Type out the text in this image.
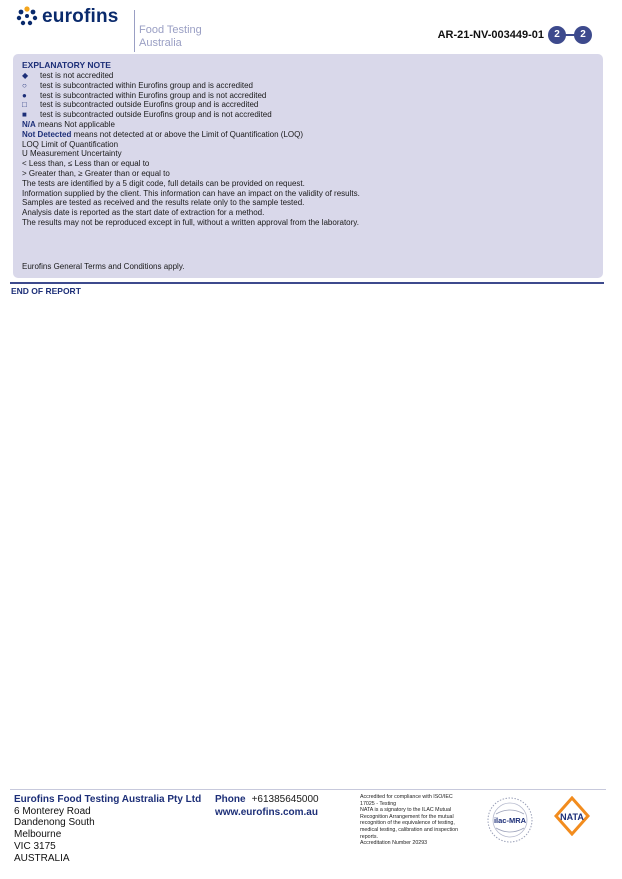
eurofins
Food Testing
Australia
AR-21-NV-003449-01	2	2
EXPLANATORY NOTE
◆	test is not accredited
○	test is subcontracted within Eurofins group and is accredited
●	test is subcontracted within Eurofins group and is not accredited
□	test is subcontracted outside Eurofins group and is accredited
■	test is subcontracted outside Eurofins group and is not accredited
N/A means Not applicable
Not Detected means not detected at or above the Limit of Quantification (LOQ)
LOQ Limit of Quantification
U Measurement Uncertainty
< Less than, ≤ Less than or equal to
> Greater than, ≥ Greater than or equal to
The tests are identified by a 5 digit code, full details can be provided on request.
Information supplied by the client. This information can have an impact on the validity of results.
Samples are tested as received and the results relate only to the sample tested.
Analysis date is reported as the start date of extraction for a method.
The results may not be reproduced except in full, without a written approval from the laboratory.
Eurofins General Terms and Conditions apply.
END OF REPORT
Eurofins Food Testing Australia Pty Ltd
6 Monterey Road
Dandenong South
Melbourne
VIC 3175
AUSTRALIA
Phone +61385645000
www.eurofins.com.au
Accredited for compliance with ISO/IEC
17025 - Testing
NATA is a signatory to the ILAC Mutual
Recognition Arrangement for the mutual
recognition of the equivalence of testing,
medical testing, calibration and inspection
reports.
Accreditation Number 20293
ilac-MRA	NATA
